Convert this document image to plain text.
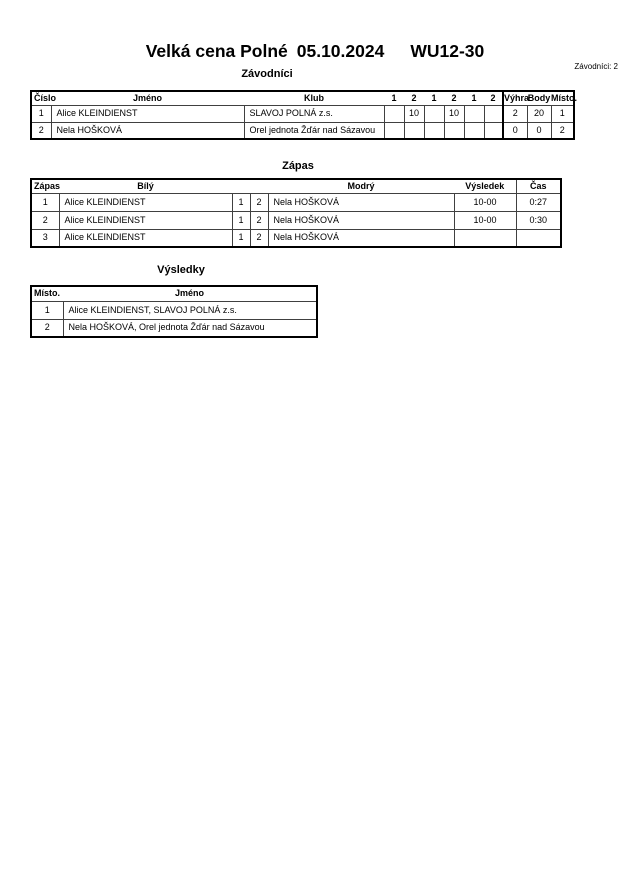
Velká cena Polné 05.10.2024 WU12-30
Závodníci: 2
Závodníci
Číslo	Jméno	Klub	1	2	1	2	1	2	Výhra	Body	Místo.
1	Alice KLEINDIENST	SLAVOJ POLNÁ z.s.		10		10			2	20	1
2	Nela HOŠKOVÁ	Orel jednota Žďár nad Sázavou							0	0	2
Zápas
Zápas	Bílý			Modrý	Výsledek	Čas
1	Alice KLEINDIENST	1	2	Nela HOŠKOVÁ	10-00	0:27
2	Alice KLEINDIENST	1	2	Nela HOŠKOVÁ	10-00	0:30
3	Alice KLEINDIENST	1	2	Nela HOŠKOVÁ		
Výsledky
Místo.	Jméno
1	Alice KLEINDIENST, SLAVOJ POLNÁ z.s.
2	Nela HOŠKOVÁ, Orel jednota Žďár nad Sázavou
